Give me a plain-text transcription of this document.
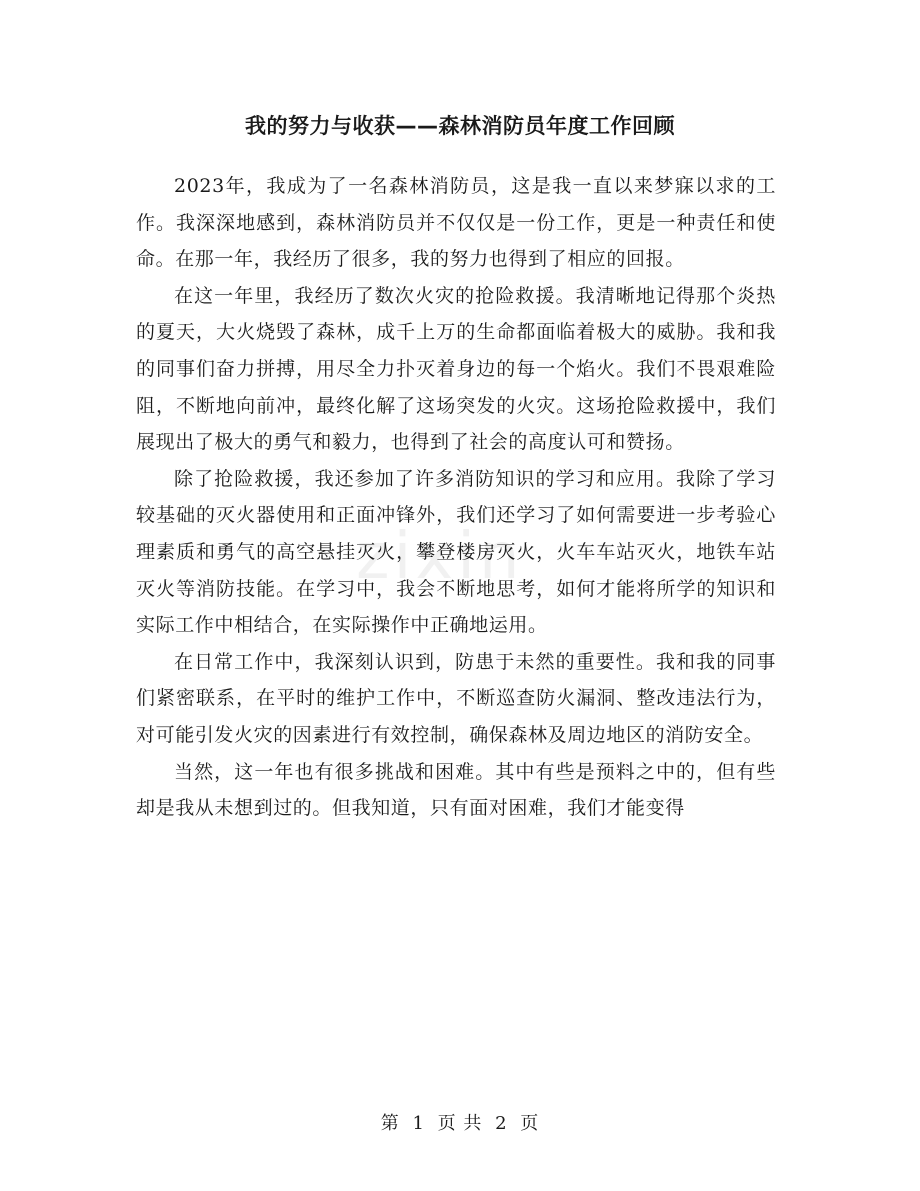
我的努力与收获——森林消防员年度工作回顾

2023年，我成为了一名森林消防员，这是我一直以来梦寐以求的工作。我深深地感到，森林消防员并不仅仅是一份工作，更是一种责任和使命。在那一年，我经历了很多，我的努力也得到了相应的回报。

在这一年里，我经历了数次火灾的抢险救援。我清晰地记得那个炎热的夏天，大火烧毁了森林，成千上万的生命都面临着极大的威胁。我和我的同事们奋力拼搏，用尽全力扑灭着身边的每一个焰火。我们不畏艰难险阻，不断地向前冲，最终化解了这场突发的火灾。这场抢险救援中，我们展现出了极大的勇气和毅力，也得到了社会的高度认可和赞扬。

除了抢险救援，我还参加了许多消防知识的学习和应用。我除了学习较基础的灭火器使用和正面冲锋外，我们还学习了如何需要进一步考验心理素质和勇气的高空悬挂灭火，攀登楼房灭火，火车车站灭火，地铁车站灭火等消防技能。在学习中，我会不断地思考，如何才能将所学的知识和实际工作中相结合，在实际操作中正确地运用。

在日常工作中，我深刻认识到，防患于未然的重要性。我和我的同事们紧密联系，在平时的维护工作中，不断巡查防火漏洞、整改违法行为，对可能引发火灾的因素进行有效控制，确保森林及周边地区的消防安全。

当然，这一年也有很多挑战和困难。其中有些是预料之中的，但有些却是我从未想到过的。但我知道，只有面对困难，我们才能变得

zixin
第 1 页 共 2 页
